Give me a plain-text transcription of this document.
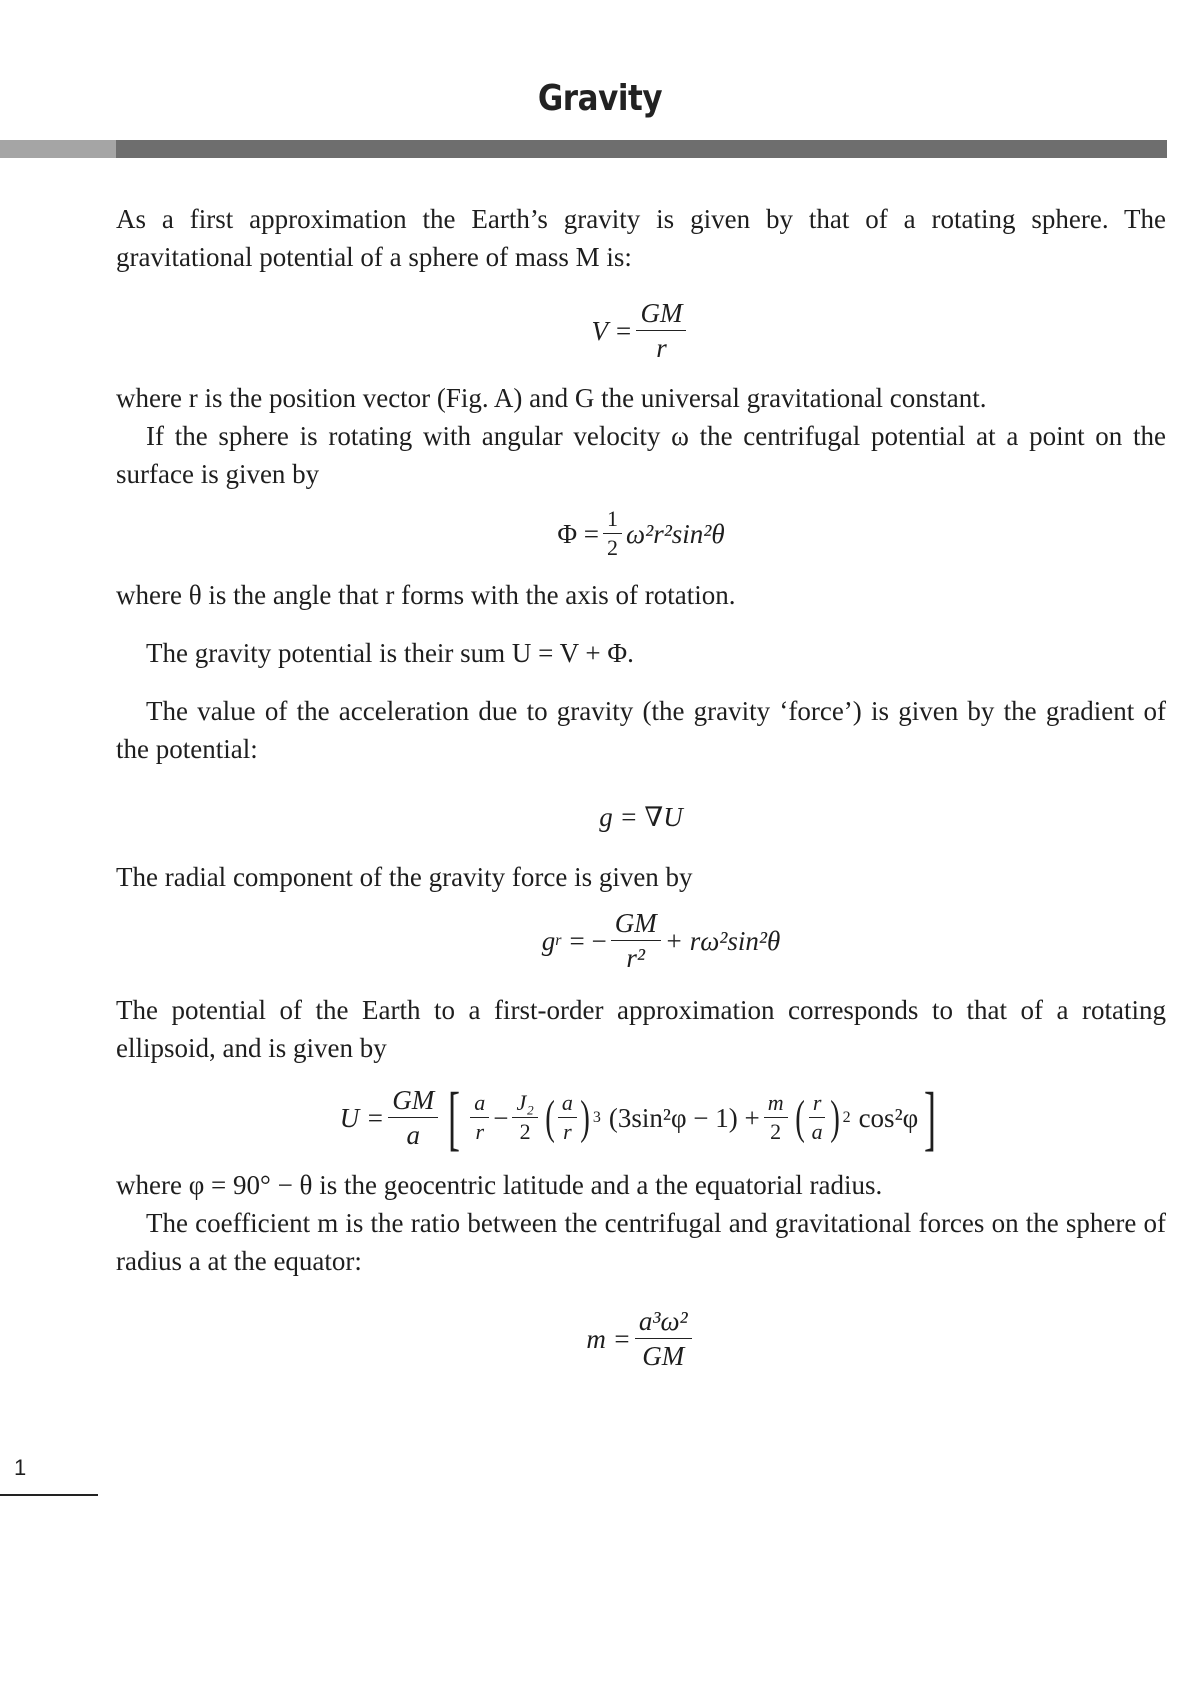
Gravity

As a first approximation the Earth’s gravity is given by that of a rotating sphere. The gravitational potential of a sphere of mass M is:

$V = \frac{GM}{r}$

where r is the position vector (Fig. A) and G the universal gravitational constant.

If the sphere is rotating with angular velocity ω the centrifugal potential at a point on the surface is given by

$\Phi = \frac{1}{2} \omega^2r^2\sin^2\theta$

where θ is the angle that r forms with the axis of rotation.

The gravity potential is their sum U = V + Φ.

The value of the acceleration due to gravity (the gravity ‘force’) is given by the gradient of the potential:

g = ∇U

The radial component of the gravity force is given by

g r = − $\frac{GM}{\text{r²}} + r\omega^2\sin^2\theta$

The potential of the Earth to a first-order approximation corresponds to that of a rotating ellipsoid, and is given by

$U = \frac{GM}{a}$ [ $\frac{a}{r} - \frac{\text{J₂}}{2}$ ( $\frac{a}{r}$ ) 3 $(3\sin^2\varphi - 1) + \frac{m}{2}$ ( $\frac{r}{a}$ ) 2 cos²φ ]

where φ = 90° − θ is the geocentric latitude and a the equatorial radius.

The coefficient m is the ratio between the centrifugal and gravitational forces on the sphere of radius a at the equator:

$m = \frac{\text{a³ω²}}{GM}$
1
